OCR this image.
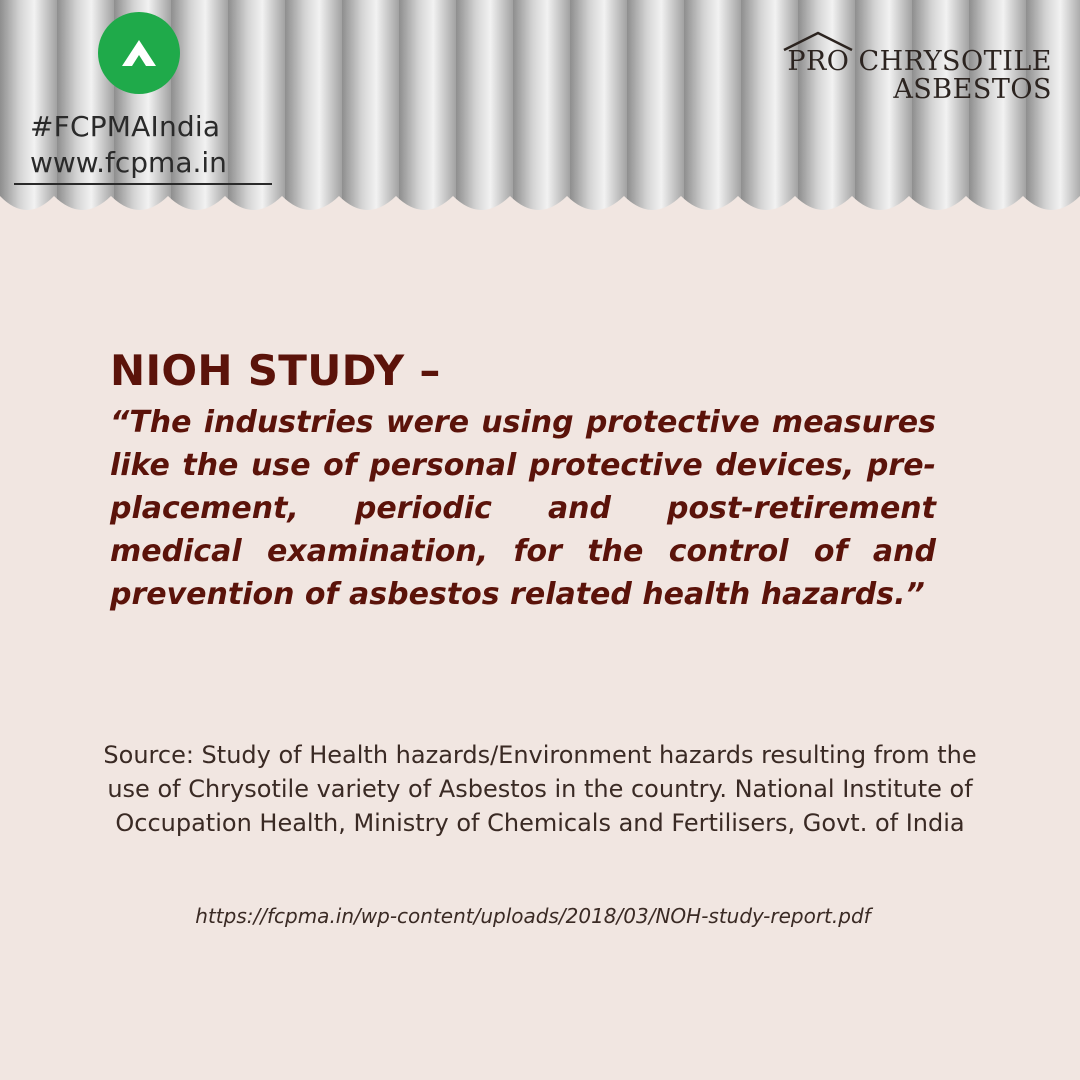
#FCPMAIndia
www.fcpma.in
PRO CHRYSOTILE
ASBESTOS
NIOH STUDY –
“The industries were using protective measures like the use of personal protective devices, pre-placement, periodic and post-retirement medical examination, for the control of and prevention of asbestos related health hazards.”
Source: Study of Health hazards/Environment hazards resulting from the use of Chrysotile variety of Asbestos in the country. National Institute of Occupation Health, Ministry of Chemicals and Fertilisers, Govt. of India
https://fcpma.in/wp-content/uploads/2018/03/NOH-study-report.pdf
